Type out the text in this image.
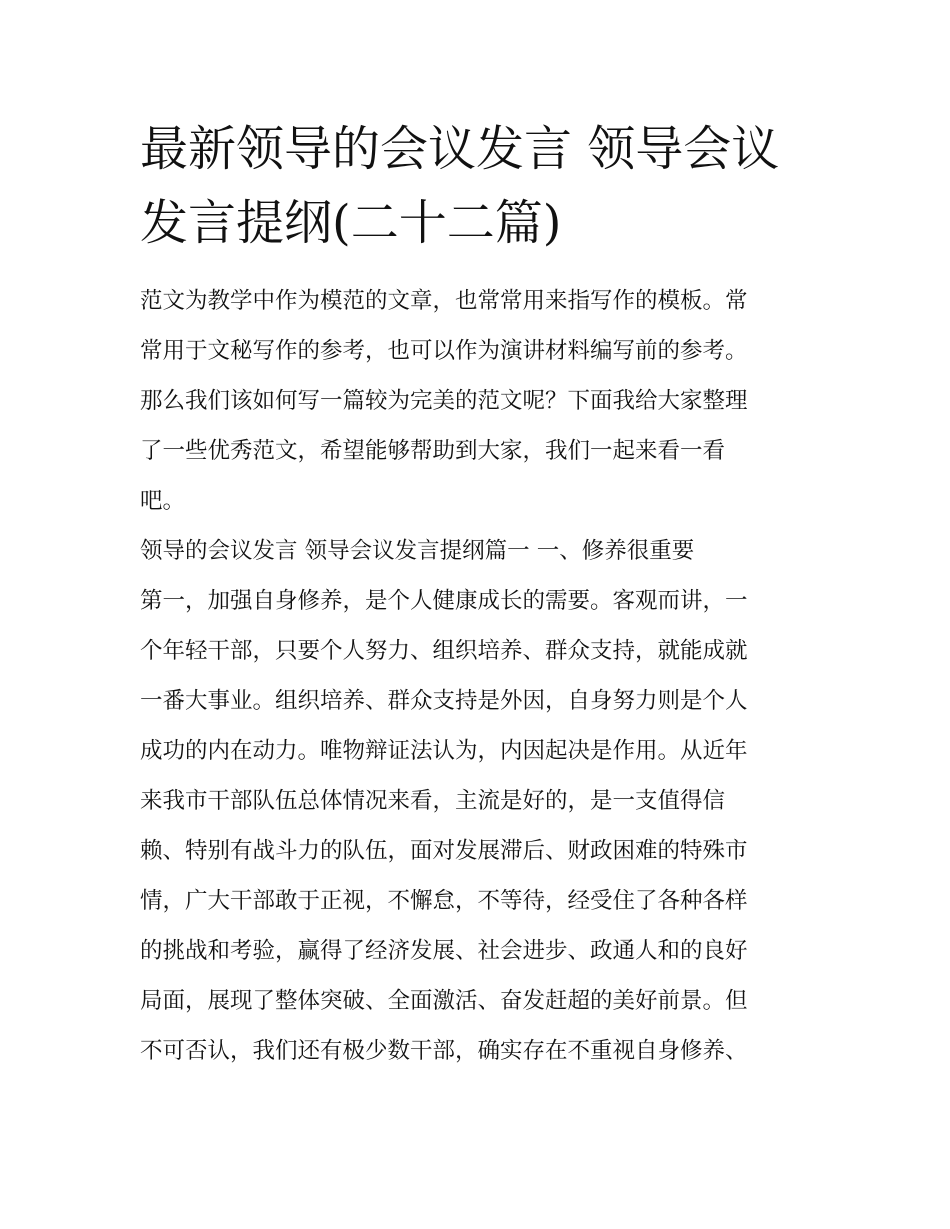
最新领导的会议发言 领导会议
发言提纲(二十二篇)
范文为教学中作为模范的文章，也常常用来指写作的模板。常
常用于文秘写作的参考，也可以作为演讲材料编写前的参考。
那么我们该如何写一篇较为完美的范文呢？下面我给大家整理
了一些优秀范文，希望能够帮助到大家，我们一起来看一看
吧。
领导的会议发言 领导会议发言提纲篇一 一、修养很重要
第一，加强自身修养，是个人健康成长的需要。客观而讲，一
个年轻干部，只要个人努力、组织培养、群众支持，就能成就
一番大事业。组织培养、群众支持是外因，自身努力则是个人
成功的内在动力。唯物辩证法认为，内因起决是作用。从近年
来我市干部队伍总体情况来看，主流是好的，是一支值得信
赖、特别有战斗力的队伍，面对发展滞后、财政困难的特殊市
情，广大干部敢于正视，不懈怠，不等待，经受住了各种各样
的挑战和考验，赢得了经济发展、社会进步、政通人和的良好
局面，展现了整体突破、全面激活、奋发赶超的美好前景。但
不可否认，我们还有极少数干部，确实存在不重视自身修养、
